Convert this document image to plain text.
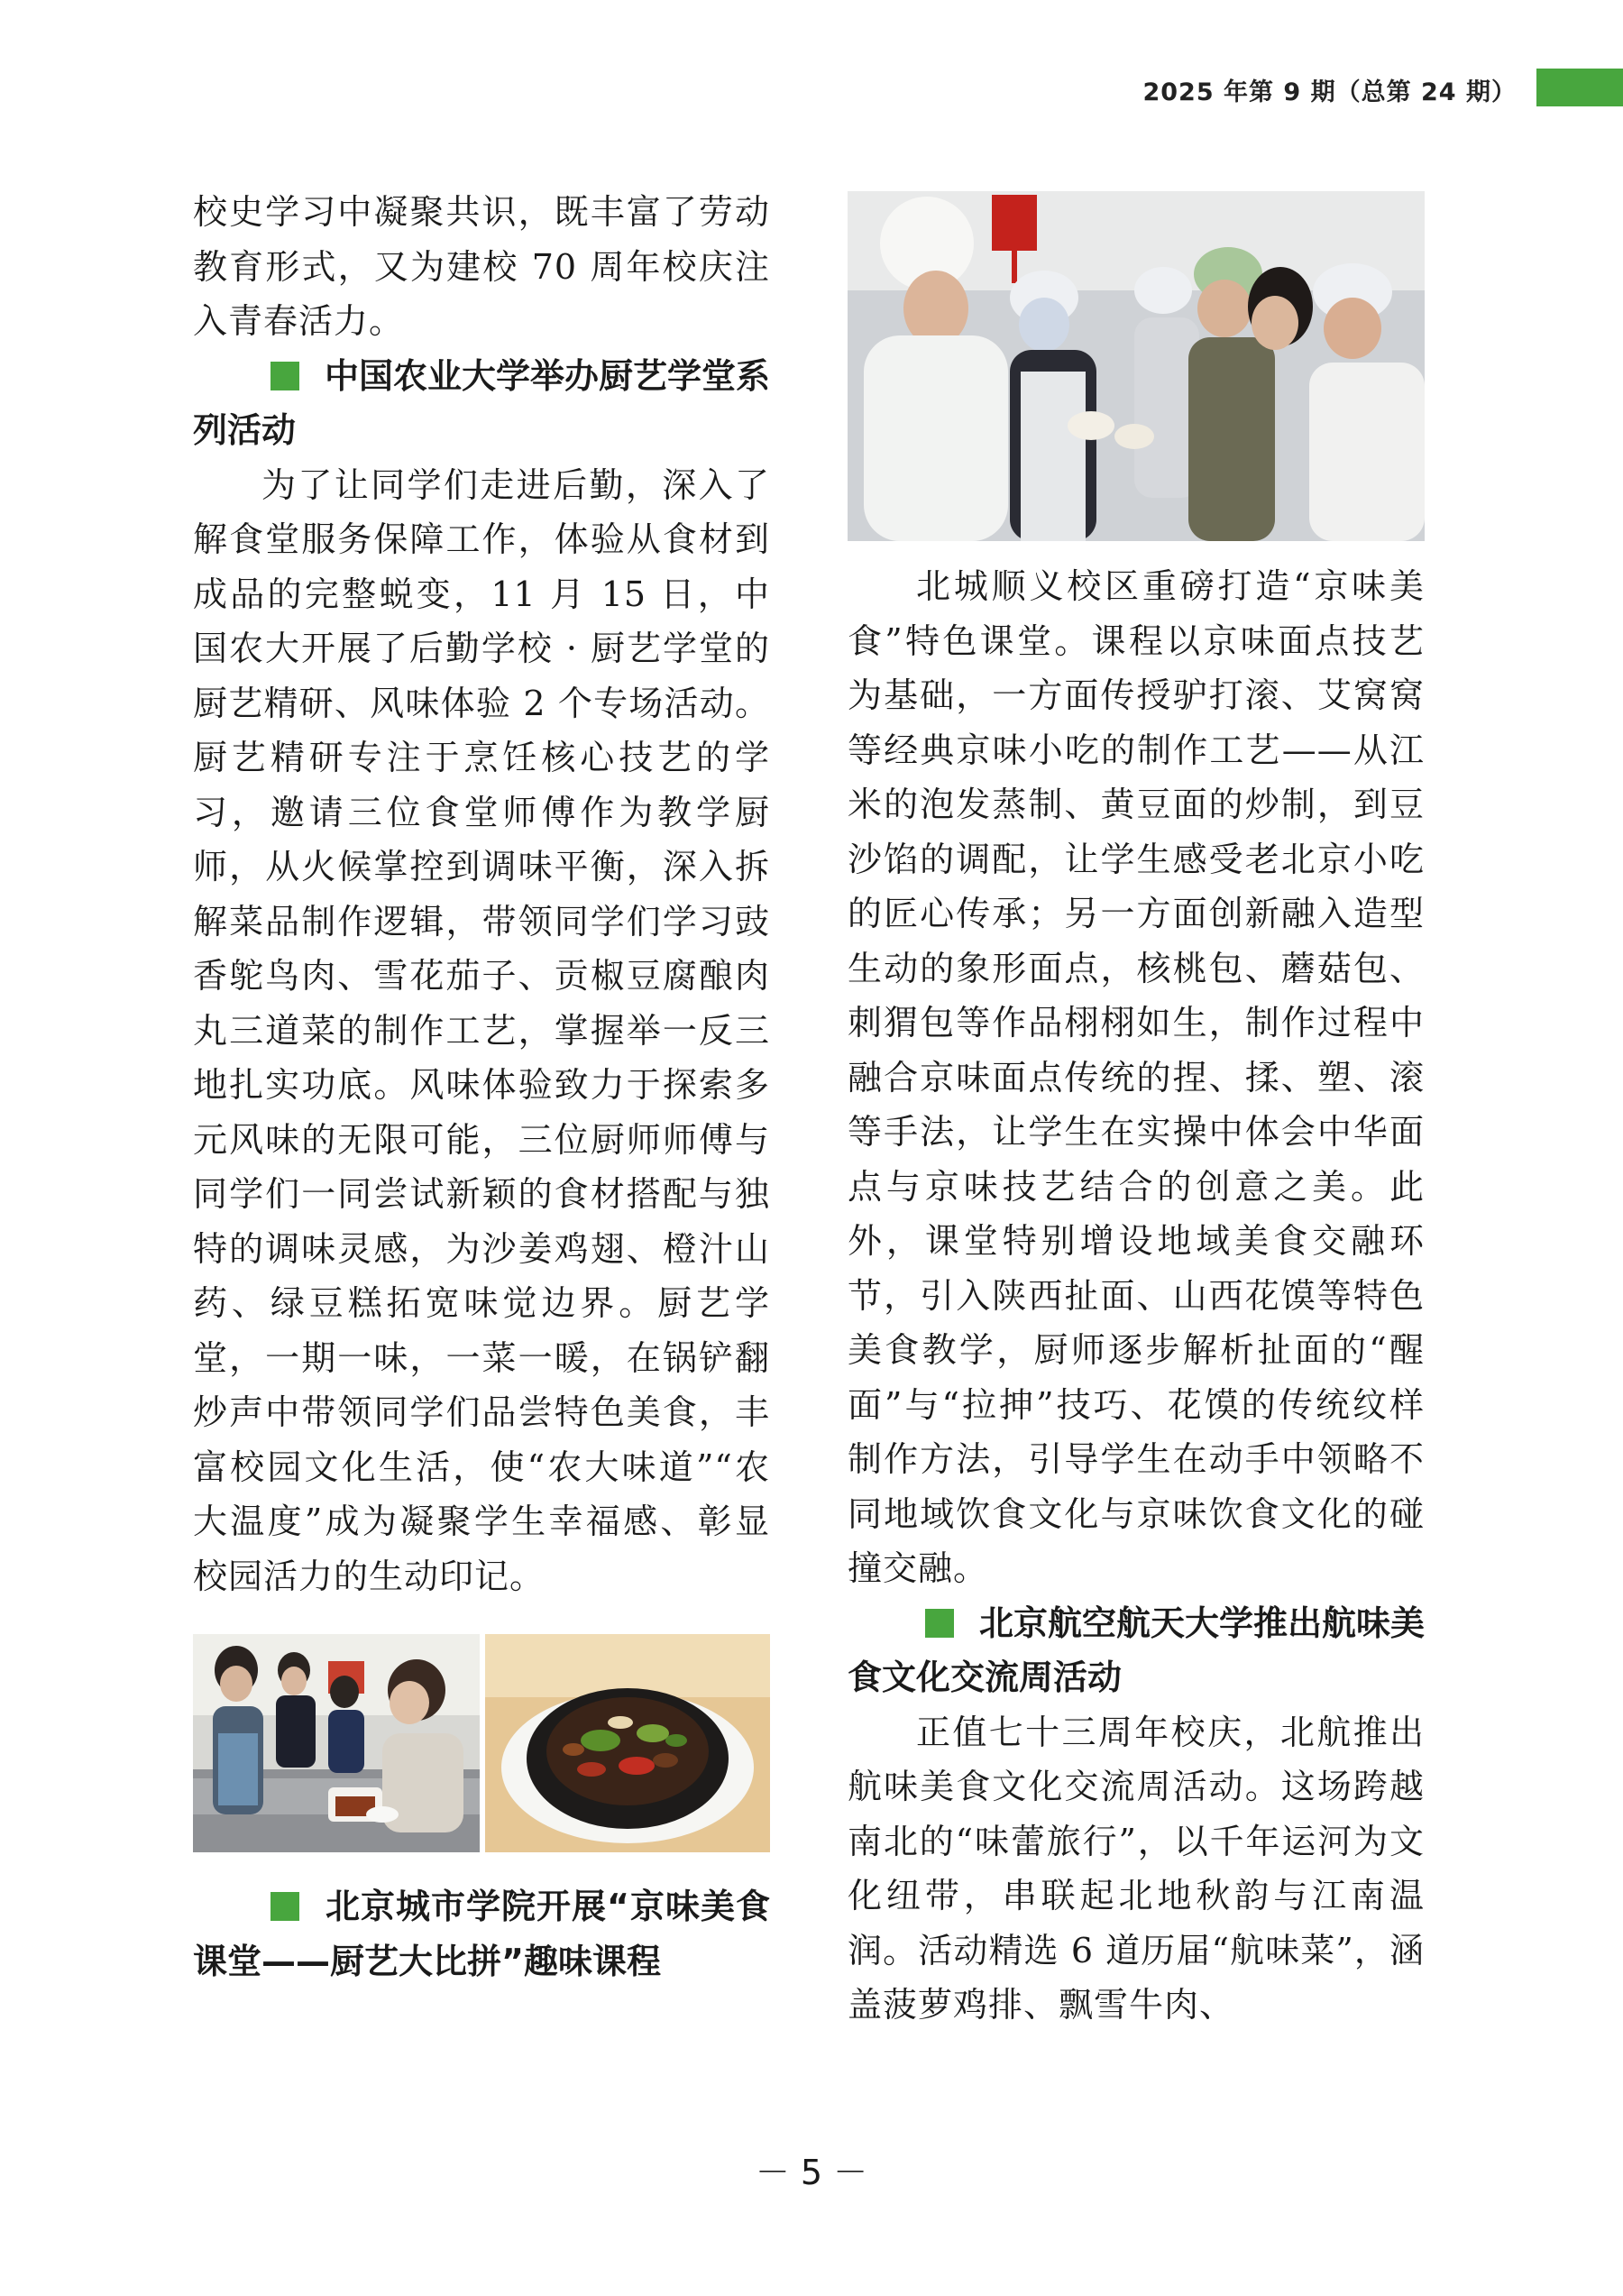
2025 年第 9 期（总第 24 期）

校史学习中凝聚共识，既丰富了劳动教育形式，又为建校 70 周年校庆注入青春活力。

中国农业大学举办厨艺学堂系列活动

为了让同学们走进后勤，深入了解食堂服务保障工作，体验从食材到成品的完整蜕变，11 月 15 日，中国农大开展了后勤学校 · 厨艺学堂的厨艺精研、风味体验 2 个专场活动。厨艺精研专注于烹饪核心技艺的学习，邀请三位食堂师傅作为教学厨师，从火候掌控到调味平衡，深入拆解菜品制作逻辑，带领同学们学习豉香鸵鸟肉、雪花茄子、贡椒豆腐酿肉丸三道菜的制作工艺，掌握举一反三地扎实功底。风味体验致力于探索多元风味的无限可能，三位厨师师傅与同学们一同尝试新颖的食材搭配与独特的调味灵感，为沙姜鸡翅、橙汁山药、绿豆糕拓宽味觉边界。厨艺学堂，一期一味，一菜一暖，在锅铲翻炒声中带领同学们品尝特色美食，丰富校园文化生活，使“农大味道”“农大温度”成为凝聚学生幸福感、彰显校园活力的生动印记。

北京城市学院开展“京味美食课堂——厨艺大比拼”趣味课程

北城顺义校区重磅打造“京味美食”特色课堂。课程以京味面点技艺为基础，一方面传授驴打滚、艾窝窝等经典京味小吃的制作工艺——从江米的泡发蒸制、黄豆面的炒制，到豆沙馅的调配，让学生感受老北京小吃的匠心传承；另一方面创新融入造型生动的象形面点，核桃包、蘑菇包、刺猬包等作品栩栩如生，制作过程中融合京味面点传统的捏、揉、塑、滚等手法，让学生在实操中体会中华面点与京味技艺结合的创意之美。此外，课堂特别增设地域美食交融环节，引入陕西扯面、山西花馍等特色美食教学，厨师逐步解析扯面的“醒面”与“拉抻”技巧、花馍的传统纹样制作方法，引导学生在动手中领略不同地域饮食文化与京味饮食文化的碰撞交融。

北京航空航天大学推出航味美食文化交流周活动

正值七十三周年校庆，北航推出航味美食文化交流周活动。这场跨越南北的“味蕾旅行”，以千年运河为文化纽带，串联起北地秋韵与江南温润。活动精选 6 道历届“航味菜”，涵盖菠萝鸡排、飘雪牛肉、

－ 5 －
